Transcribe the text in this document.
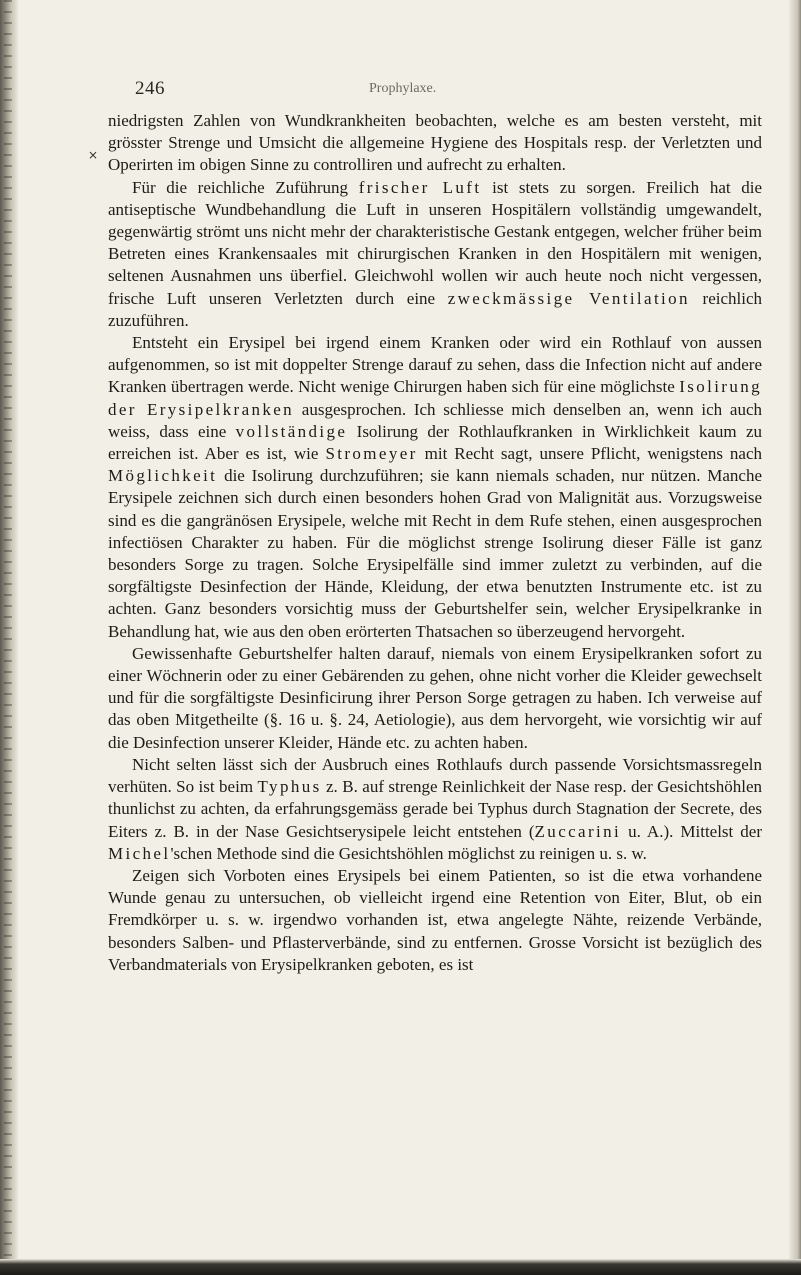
246	Prophylaxe.
×

niedrigsten Zahlen von Wundkrankheiten beobachten, welche es am besten versteht, mit grösster Strenge und Umsicht die allgemeine Hygiene des Hospitals resp. der Verletzten und Operirten im obigen Sinne zu controlliren und aufrecht zu erhalten.

Für die reichliche Zuführung frischer Luft ist stets zu sorgen. Freilich hat die antiseptische Wundbehandlung die Luft in unseren Hospitälern vollständig umgewandelt, gegenwärtig strömt uns nicht mehr der charakteristische Gestank entgegen, welcher früher beim Betreten eines Krankensaales mit chirurgischen Kranken in den Hospitälern mit wenigen, seltenen Ausnahmen uns überfiel. Gleichwohl wollen wir auch heute noch nicht vergessen, frische Luft unseren Verletzten durch eine zweckmässige Ventilation reichlich zuzuführen.

Entsteht ein Erysipel bei irgend einem Kranken oder wird ein Rothlauf von aussen aufgenommen, so ist mit doppelter Strenge darauf zu sehen, dass die Infection nicht auf andere Kranken übertragen werde. Nicht wenige Chirurgen haben sich für eine möglichste Isolirung der Erysipelkranken ausgesprochen. Ich schliesse mich denselben an, wenn ich auch weiss, dass eine vollständige Isolirung der Rothlaufkranken in Wirklichkeit kaum zu erreichen ist. Aber es ist, wie Stromeyer mit Recht sagt, unsere Pflicht, wenigstens nach Möglichkeit die Isolirung durchzuführen; sie kann niemals schaden, nur nützen. Manche Erysipele zeichnen sich durch einen besonders hohen Grad von Malignität aus. Vorzugsweise sind es die gangränösen Erysipele, welche mit Recht in dem Rufe stehen, einen ausgesprochen infectiösen Charakter zu haben. Für die möglichst strenge Isolirung dieser Fälle ist ganz besonders Sorge zu tragen. Solche Erysipelfälle sind immer zuletzt zu verbinden, auf die sorgfältigste Desinfection der Hände, Kleidung, der etwa benutzten Instrumente etc. ist zu achten. Ganz besonders vorsichtig muss der Geburtshelfer sein, welcher Erysipelkranke in Behandlung hat, wie aus den oben erörterten Thatsachen so überzeugend hervorgeht.

Gewissenhafte Geburtshelfer halten darauf, niemals von einem Erysipelkranken sofort zu einer Wöchnerin oder zu einer Gebärenden zu gehen, ohne nicht vorher die Kleider gewechselt und für die sorgfältigste Desinficirung ihrer Person Sorge getragen zu haben. Ich verweise auf das oben Mitgetheilte (§. 16 u. §. 24, Aetiologie), aus dem hervorgeht, wie vorsichtig wir auf die Desinfection unserer Kleider, Hände etc. zu achten haben.

Nicht selten lässt sich der Ausbruch eines Rothlaufs durch passende Vorsichtsmassregeln verhüten. So ist beim Typhus z. B. auf strenge Reinlichkeit der Nase resp. der Gesichtshöhlen thunlichst zu achten, da erfahrungsgemäss gerade bei Typhus durch Stagnation der Secrete, des Eiters z. B. in der Nase Gesichtserysipele leicht entstehen (Zuccarini u. A.). Mittelst der Michel'schen Methode sind die Gesichtshöhlen möglichst zu reinigen u. s. w.

Zeigen sich Vorboten eines Erysipels bei einem Patienten, so ist die etwa vorhandene Wunde genau zu untersuchen, ob vielleicht irgend eine Retention von Eiter, Blut, ob ein Fremdkörper u. s. w. irgendwo vorhanden ist, etwa angelegte Nähte, reizende Verbände, besonders Salben- und Pflasterverbände, sind zu entfernen. Grosse Vorsicht ist bezüglich des Verbandmaterials von Erysipelkranken geboten, es ist
